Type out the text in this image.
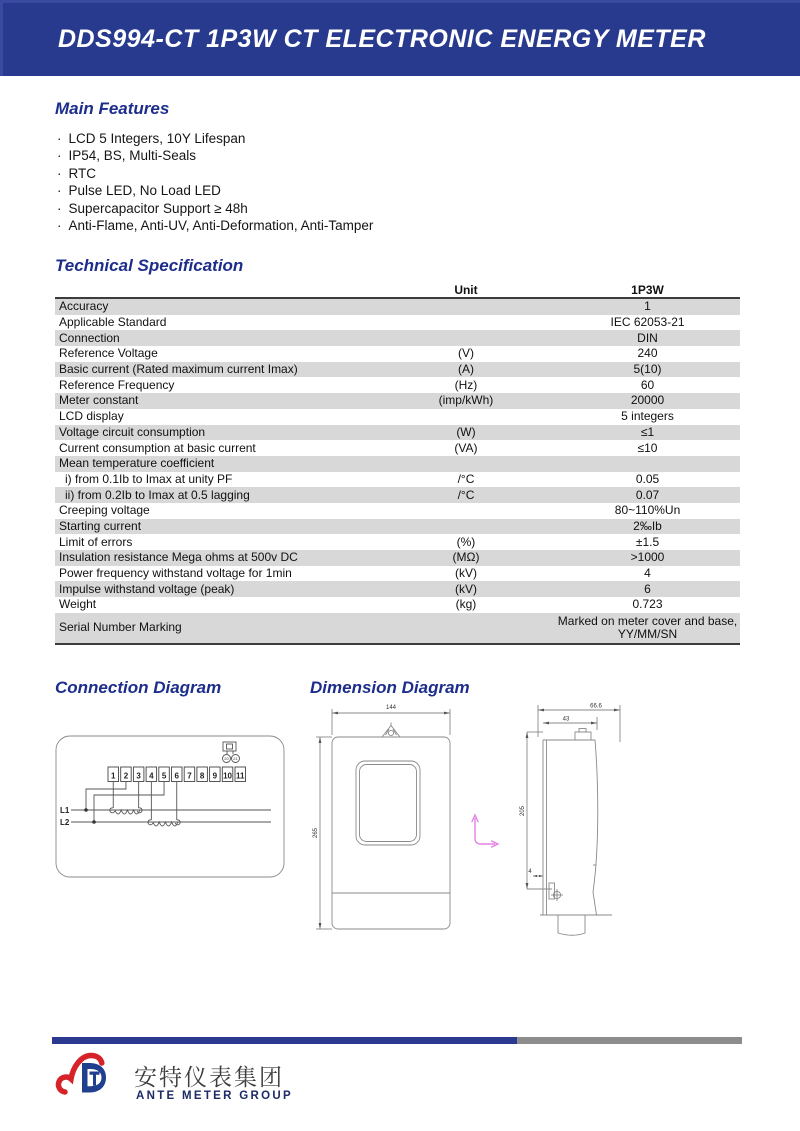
DDS994-CT 1P3W CT ELECTRONIC ENERGY METER
Main Features
· LCD 5 Integers, 10Y Lifespan
· IP54, BS, Multi-Seals
· RTC
· Pulse LED, No Load LED
· Supercapacitor Support ≥ 48h
· Anti-Flame, Anti-UV, Anti-Deformation, Anti-Tamper
Technical Specification
	Unit	1P3W
Accuracy		1
Applicable Standard		IEC 62053-21
Connection		DIN
Reference Voltage	(V)	240
Basic current (Rated maximum current Imax)	(A)	5(10)
Reference Frequency	(Hz)	60
Meter constant	(imp/kWh)	20000
LCD display		5 integers
Voltage circuit consumption	(W)	≤1
Current consumption at basic current	(VA)	≤10
Mean temperature coefficient		
i) from 0.1Ib to Imax at unity PF	/°C	0.05
ii) from 0.2Ib to Imax at 0.5 lagging	/°C	0.07
Creeping voltage		80~110%Un
Starting current		2‰Ib
Limit of errors	(%)	±1.5
Insulation resistance Mega ohms at 500v DC	(MΩ)	>1000
Power frequency withstand voltage for 1min	(kV)	4
Impulse withstand voltage (peak)	(kV)	6
Weight	(kg)	0.723
Serial Number Marking		Marked on meter cover and base,
YY/MM/SN
Connection Diagram	Dimension Diagram
20 21
1 2 3 4 5 6 7 8 9 10 11
L1
L2
144
265
66.6
43
205
4
安特仪表集团
ANTE METER GROUP
